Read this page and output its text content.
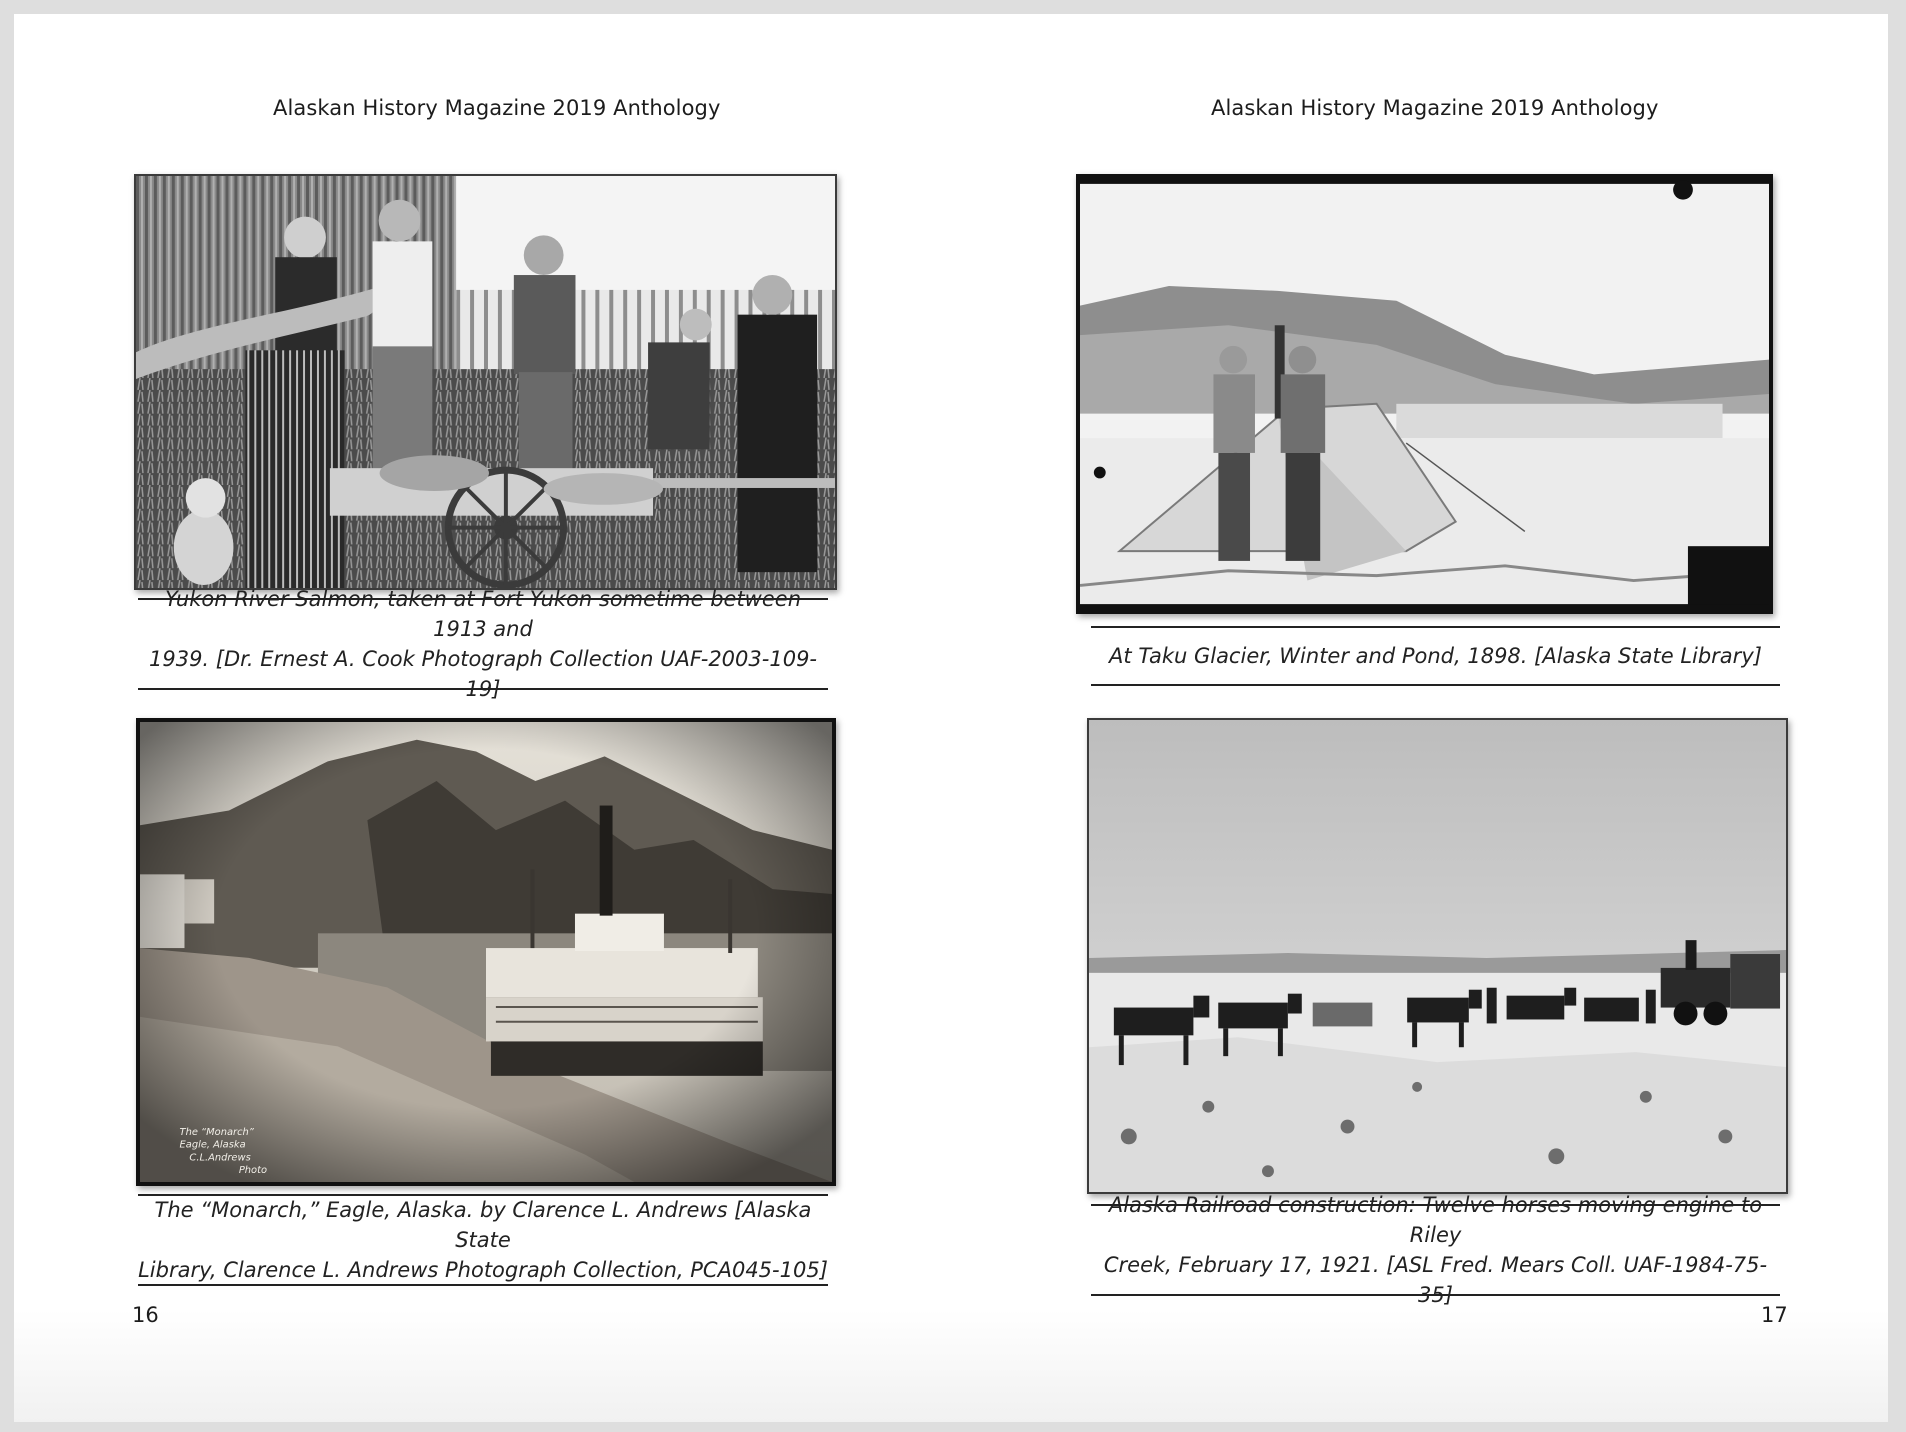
Alaskan History Magazine 2019 Anthology
Yukon River Salmon, taken at Fort Yukon sometime between 1913 and
1939. [Dr. Ernest A. Cook Photograph Collection UAF-2003-109-19]
The “Monarch”
Eagle, Alaska
C.L.Andrews
Photo
The “Monarch,” Eagle, Alaska. by Clarence L. Andrews [Alaska State
Library, Clarence L. Andrews Photograph Collection, PCA045-105]
16
Alaskan History Magazine 2019 Anthology
At Taku Glacier, Winter and Pond, 1898. [Alaska State Library]
Alaska Railroad construction: Twelve horses moving engine to Riley
Creek, February 17, 1921. [ASL Fred. Mears Coll. UAF-1984-75-35]
17
